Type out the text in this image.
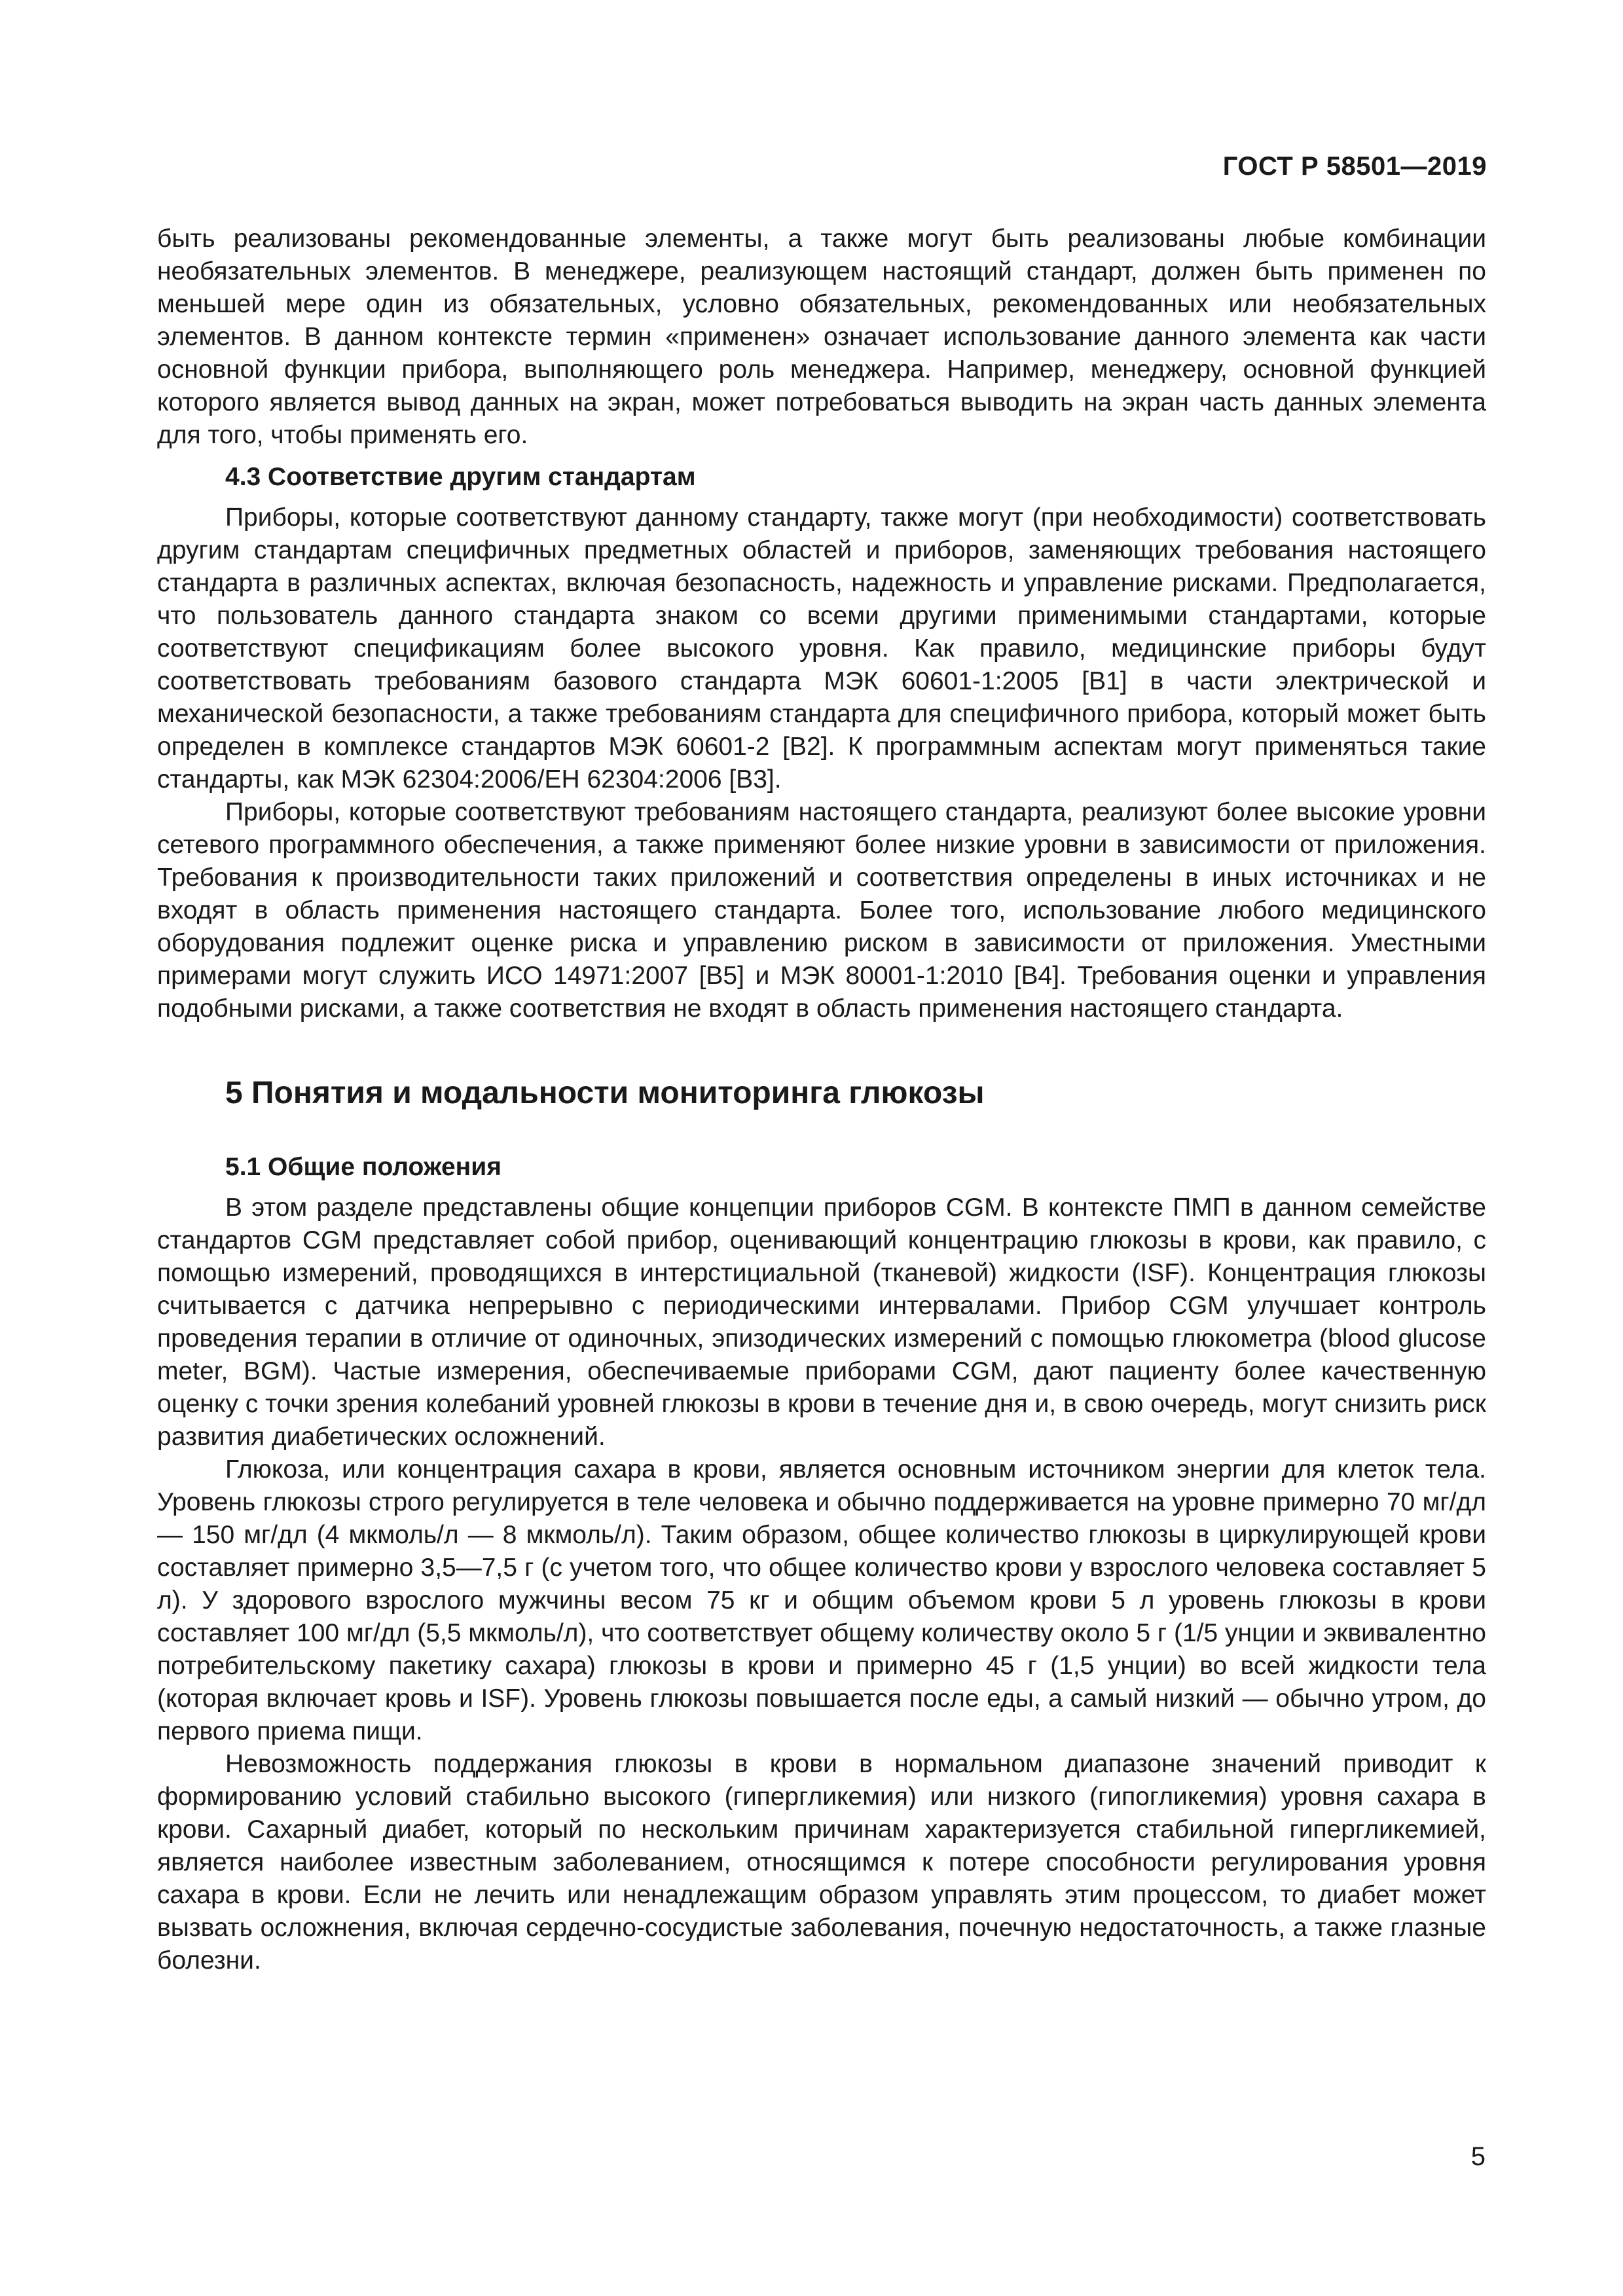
ГОСТ Р 58501—2019

быть реализованы рекомендованные элементы, а также могут быть реализованы любые комбинации необязательных элементов. В менеджере, реализующем настоящий стандарт, должен быть применен по меньшей мере один из обязательных, условно обязательных, рекомендованных или необязательных элементов. В данном контексте термин «применен» означает использование данного элемента как части основной функции прибора, выполняющего роль менеджера. Например, менеджеру, основной функцией которого является вывод данных на экран, может потребоваться выводить на экран часть данных элемента для того, чтобы применять его.

4.3 Соответствие другим стандартам

Приборы, которые соответствуют данному стандарту, также могут (при необходимости) соответствовать другим стандартам специфичных предметных областей и приборов, заменяющих требования настоящего стандарта в различных аспектах, включая безопасность, надежность и управление рисками. Предполагается, что пользователь данного стандарта знаком со всеми другими применимыми стандартами, которые соответствуют спецификациям более высокого уровня. Как правило, медицинские приборы будут соответствовать требованиям базового стандарта МЭК 60601-1:2005 [B1] в части электрической и механической безопасности, а также требованиям стандарта для специфичного прибора, который может быть определен в комплексе стандартов МЭК 60601-2 [B2]. К программным аспектам могут применяться такие стандарты, как МЭК 62304:2006/ЕН 62304:2006 [B3].

Приборы, которые соответствуют требованиям настоящего стандарта, реализуют более высокие уровни сетевого программного обеспечения, а также применяют более низкие уровни в зависимости от приложения. Требования к производительности таких приложений и соответствия определены в иных источниках и не входят в область применения настоящего стандарта. Более того, использование любого медицинского оборудования подлежит оценке риска и управлению риском в зависимости от приложения. Уместными примерами могут служить ИСО 14971:2007 [B5] и МЭК 80001-1:2010 [B4]. Требования оценки и управления подобными рисками, а также соответствия не входят в область применения настоящего стандарта.

5 Понятия и модальности мониторинга глюкозы
5.1 Общие положения

В этом разделе представлены общие концепции приборов CGM. В контексте ПМП в данном семействе стандартов CGM представляет собой прибор, оценивающий концентрацию глюкозы в крови, как правило, с помощью измерений, проводящихся в интерстициальной (тканевой) жидкости (ISF). Концентрация глюкозы считывается с датчика непрерывно с периодическими интервалами. Прибор CGM улучшает контроль проведения терапии в отличие от одиночных, эпизодических измерений с помощью глюкометра (blood glucose meter, BGM). Частые измерения, обеспечиваемые приборами CGM, дают пациенту более качественную оценку с точки зрения колебаний уровней глюкозы в крови в течение дня и, в свою очередь, могут снизить риск развития диабетических осложнений.

Глюкоза, или концентрация сахара в крови, является основным источником энергии для клеток тела. Уровень глюкозы строго регулируется в теле человека и обычно поддерживается на уровне примерно 70 мг/дл — 150 мг/дл (4 мкмоль/л — 8 мкмоль/л). Таким образом, общее количество глюкозы в циркулирующей крови составляет примерно 3,5—7,5 г (с учетом того, что общее количество крови у взрослого человека составляет 5 л). У здорового взрослого мужчины весом 75 кг и общим объемом крови 5 л уровень глюкозы в крови составляет 100 мг/дл (5,5 мкмоль/л), что соответствует общему количеству около 5 г (1/5 унции и эквивалентно потребительскому пакетику сахара) глюкозы в крови и примерно 45 г (1,5 унции) во всей жидкости тела (которая включает кровь и ISF). Уровень глюкозы повышается после еды, а самый низкий — обычно утром, до первого приема пищи.

Невозможность поддержания глюкозы в крови в нормальном диапазоне значений приводит к формированию условий стабильно высокого (гипергликемия) или низкого (гипогликемия) уровня сахара в крови. Сахарный диабет, который по нескольким причинам характеризуется стабильной гипергликемией, является наиболее известным заболеванием, относящимся к потере способности регулирования уровня сахара в крови. Если не лечить или ненадлежащим образом управлять этим процессом, то диабет может вызвать осложнения, включая сердечно-сосудистые заболевания, почечную недостаточность, а также глазные болезни.

5
